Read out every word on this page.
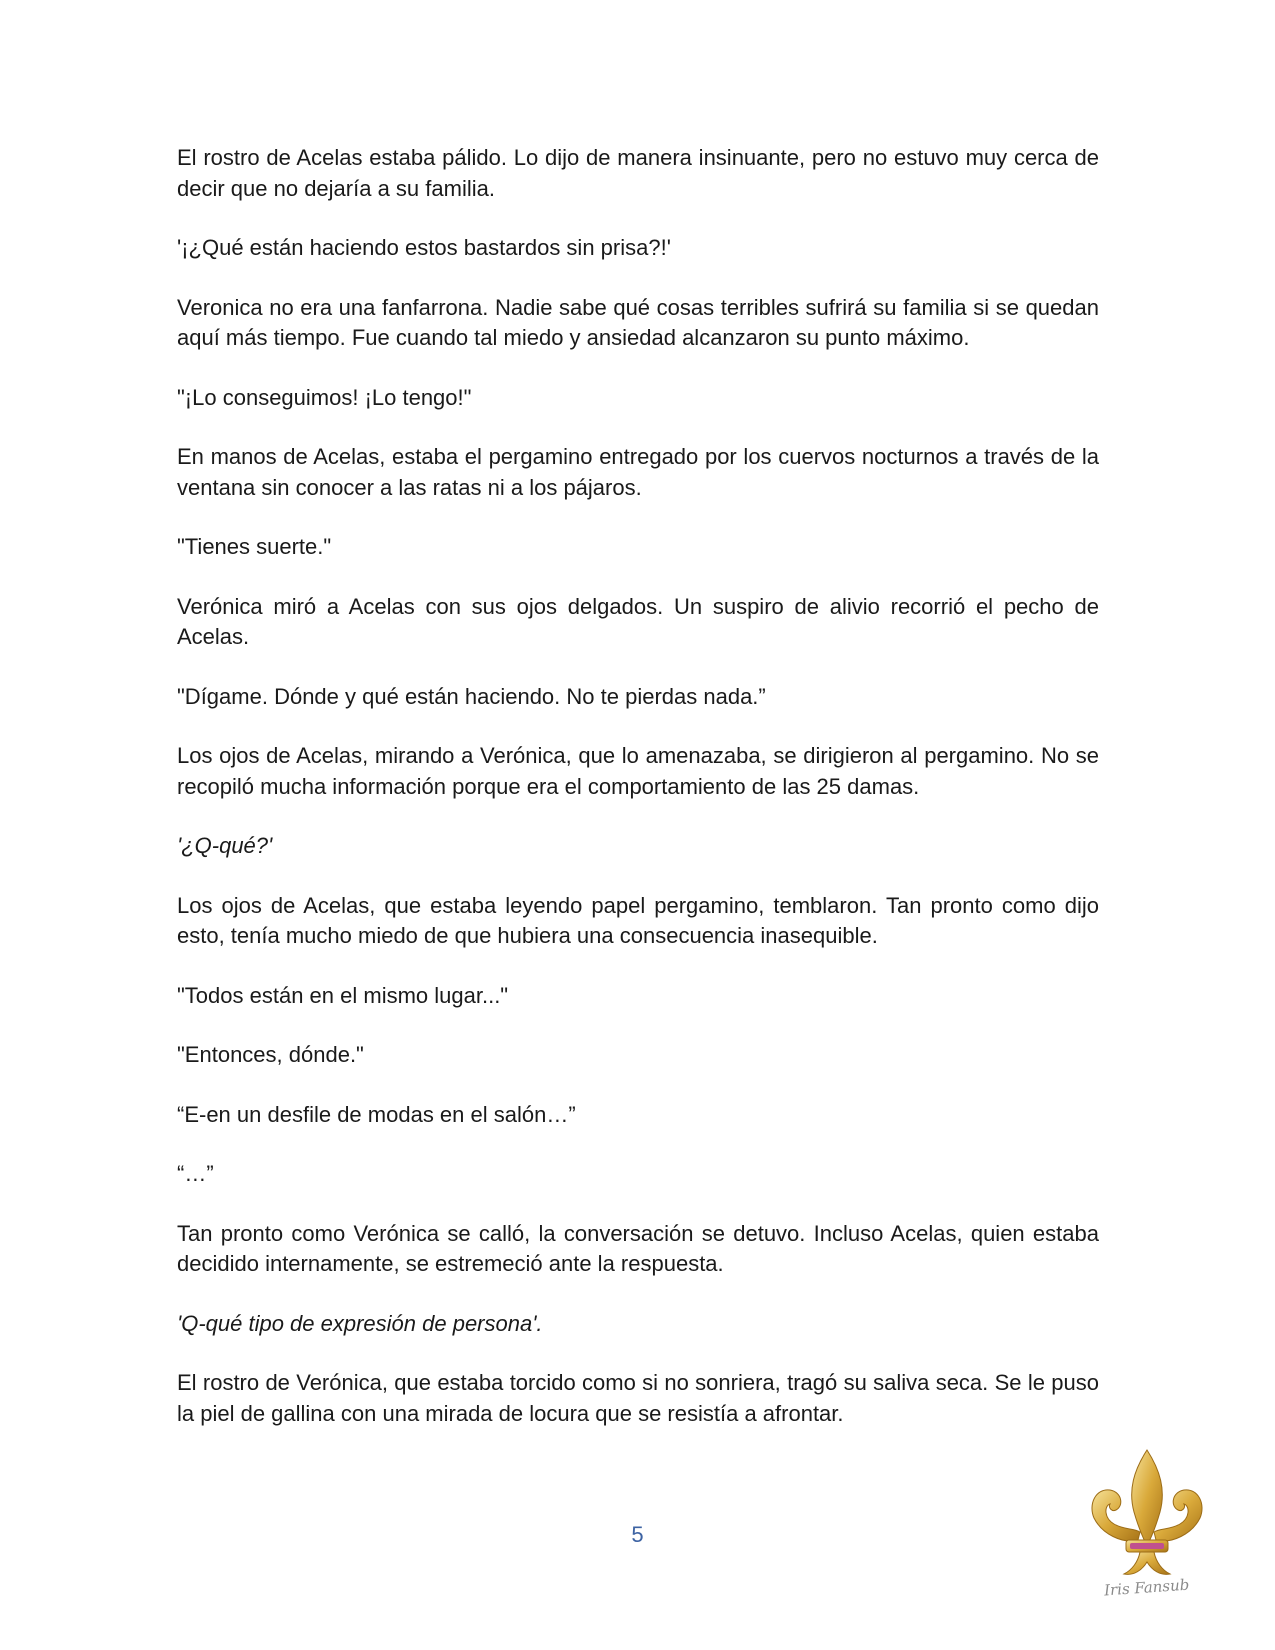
El rostro de Acelas estaba pálido. Lo dijo de manera insinuante, pero no estuvo muy cerca de decir que no dejaría a su familia.

'¡¿Qué están haciendo estos bastardos sin prisa?!'

Veronica no era una fanfarrona. Nadie sabe qué cosas terribles sufrirá su familia si se quedan aquí más tiempo. Fue cuando tal miedo y ansiedad alcanzaron su punto máximo.

"¡Lo conseguimos! ¡Lo tengo!"

En manos de Acelas, estaba el pergamino entregado por los cuervos nocturnos a través de la ventana sin conocer a las ratas ni a los pájaros.

"Tienes suerte."

Verónica miró a Acelas con sus ojos delgados. Un suspiro de alivio recorrió el pecho de Acelas.

"Dígame. Dónde y qué están haciendo. No te pierdas nada.”

Los ojos de Acelas, mirando a Verónica, que lo amenazaba, se dirigieron al pergamino. No se recopiló mucha información porque era el comportamiento de las 25 damas.

'¿Q-qué?'

Los ojos de Acelas, que estaba leyendo papel pergamino, temblaron. Tan pronto como dijo esto, tenía mucho miedo de que hubiera una consecuencia inasequible.

"Todos están en el mismo lugar..."

"Entonces, dónde."

“E-en un desfile de modas en el salón…”

“…”

Tan pronto como Verónica se calló, la conversación se detuvo. Incluso Acelas, quien estaba decidido internamente, se estremeció ante la respuesta.

'Q-qué tipo de expresión de persona'.

El rostro de Verónica, que estaba torcido como si no sonriera, tragó su saliva seca. Se le puso la piel de gallina con una mirada de locura que se resistía a afrontar.

5
Iris Fansub
